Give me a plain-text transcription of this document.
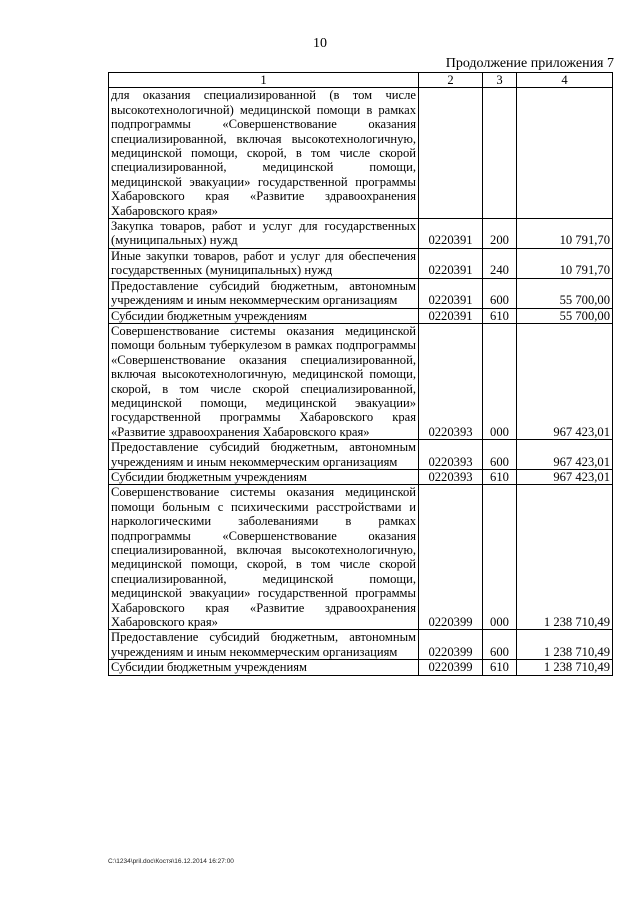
10
Продолжение приложения 7
1	2	3	4
для оказания специализированной (в том числе высокотехнологичной) медицинской помощи в рамках подпрограммы «Совершенствование оказания специализированной, включая высокотехнологичную, медицинской помощи, скорой, в том числе скорой специализированной, медицинской помощи, медицинской эвакуации» государственной программы Хабаровского края «Развитие здравоохранения Хабаровского края»			
Закупка товаров, работ и услуг для государственных (муниципальных) нужд	0220391	200	10 791,70
Иные закупки товаров, работ и услуг для обеспечения государственных (муниципальных) нужд	0220391	240	10 791,70
Предоставление субсидий бюджетным, автономным учреждениям и иным некоммерческим организациям	0220391	600	55 700,00
Субсидии бюджетным учреждениям	0220391	610	55 700,00
Совершенствование системы оказания медицинской помощи больным туберкулезом в рамках подпрограммы «Совершенствование оказания специализированной, включая высокотехнологичную, медицинской помощи, скорой, в том числе скорой специализированной, медицинской помощи, медицинской эвакуации» государственной программы Хабаровского края «Развитие здравоохранения Хабаровского края»	0220393	000	967 423,01
Предоставление субсидий бюджетным, автономным учреждениям и иным некоммерческим организациям	0220393	600	967 423,01
Субсидии бюджетным учреждениям	0220393	610	967 423,01
Совершенствование системы оказания медицинской помощи больным с психическими расстройствами и наркологическими заболеваниями в рамках подпрограммы «Совершенствование оказания специализированной, включая высокотехнологичную, медицинской помощи, скорой, в том числе скорой специализированной, медицинской помощи, медицинской эвакуации» государственной программы Хабаровского края «Развитие здравоохранения Хабаровского края»	0220399	000	1 238 710,49
Предоставление субсидий бюджетным, автономным учреждениям и иным некоммерческим организациям	0220399	600	1 238 710,49
Субсидии бюджетным учреждениям	0220399	610	1 238 710,49
C:\1234\pril.doc\Костя\16.12.2014 16:27:00
